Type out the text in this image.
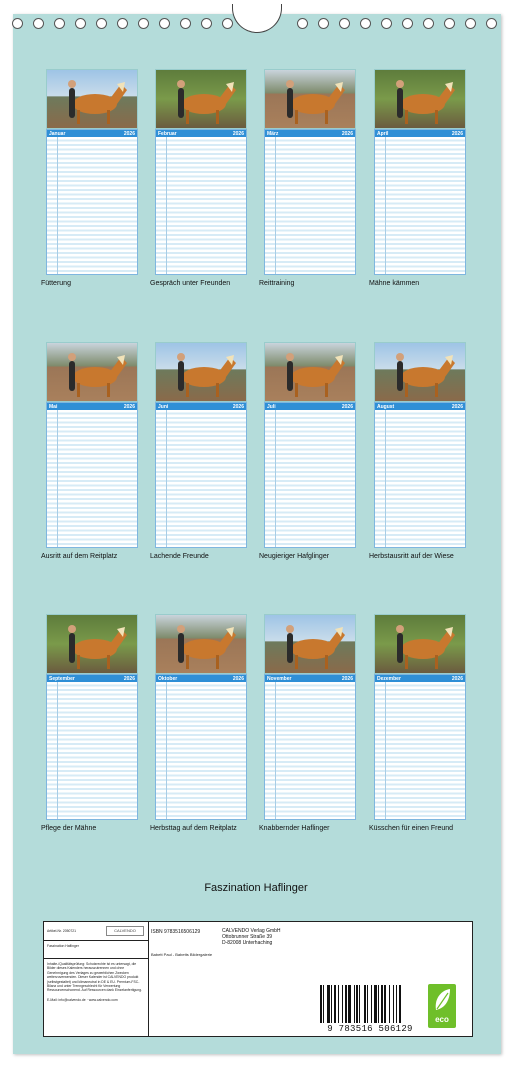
Januar	2026
Fütterung
Februar	2026
Gespräch unter Freunden
März	2026
Reittraining
April	2026
Mähne kämmen
Mai	2026
Ausritt auf dem Reitplatz
Juni	2026
Lachende Freunde
Juli	2026
Neugieriger Hafglinger
August	2026
Herbstausritt auf der Wiese
September	2026
Pflege der Mähne
Oktober	2026
Herbsttag auf dem Reitplatz
November	2026
Knabbernder Haflinger
Dezember	2026
Küsschen für einen Freund
Faszination Haflinger
Artikel-Nr. 2050721	CALVENDO
Faszination Haflinger
Inhalte-/Qualitätsprüfung: Schutzrechte ist es untersagt, die Bilder dieses Kalenders herauszutrennen und ohne Genehmigung des Verlages zu gewerblichen Zwecken weiterzuverwenden. Dieser Kalender ist CALVENDO produkt (selbstgestaltet) und klimaneutral in DE & EU. Premium-FSC-Bilanz und unter Trenngeschlecht für Verwertung Ressourcenschonend. Auf Ressourcen dank Einzelanfertigung.
E-Mail: info@calvendo.de · www.calvendo.com
ISBN 9783516506129	CALVENDO Verlag GmbH
Ottobrunner Straße 39
D-82008 Unterhaching
Babett Paul - Babetts Bildergalerie
9 783516 506129
eco
